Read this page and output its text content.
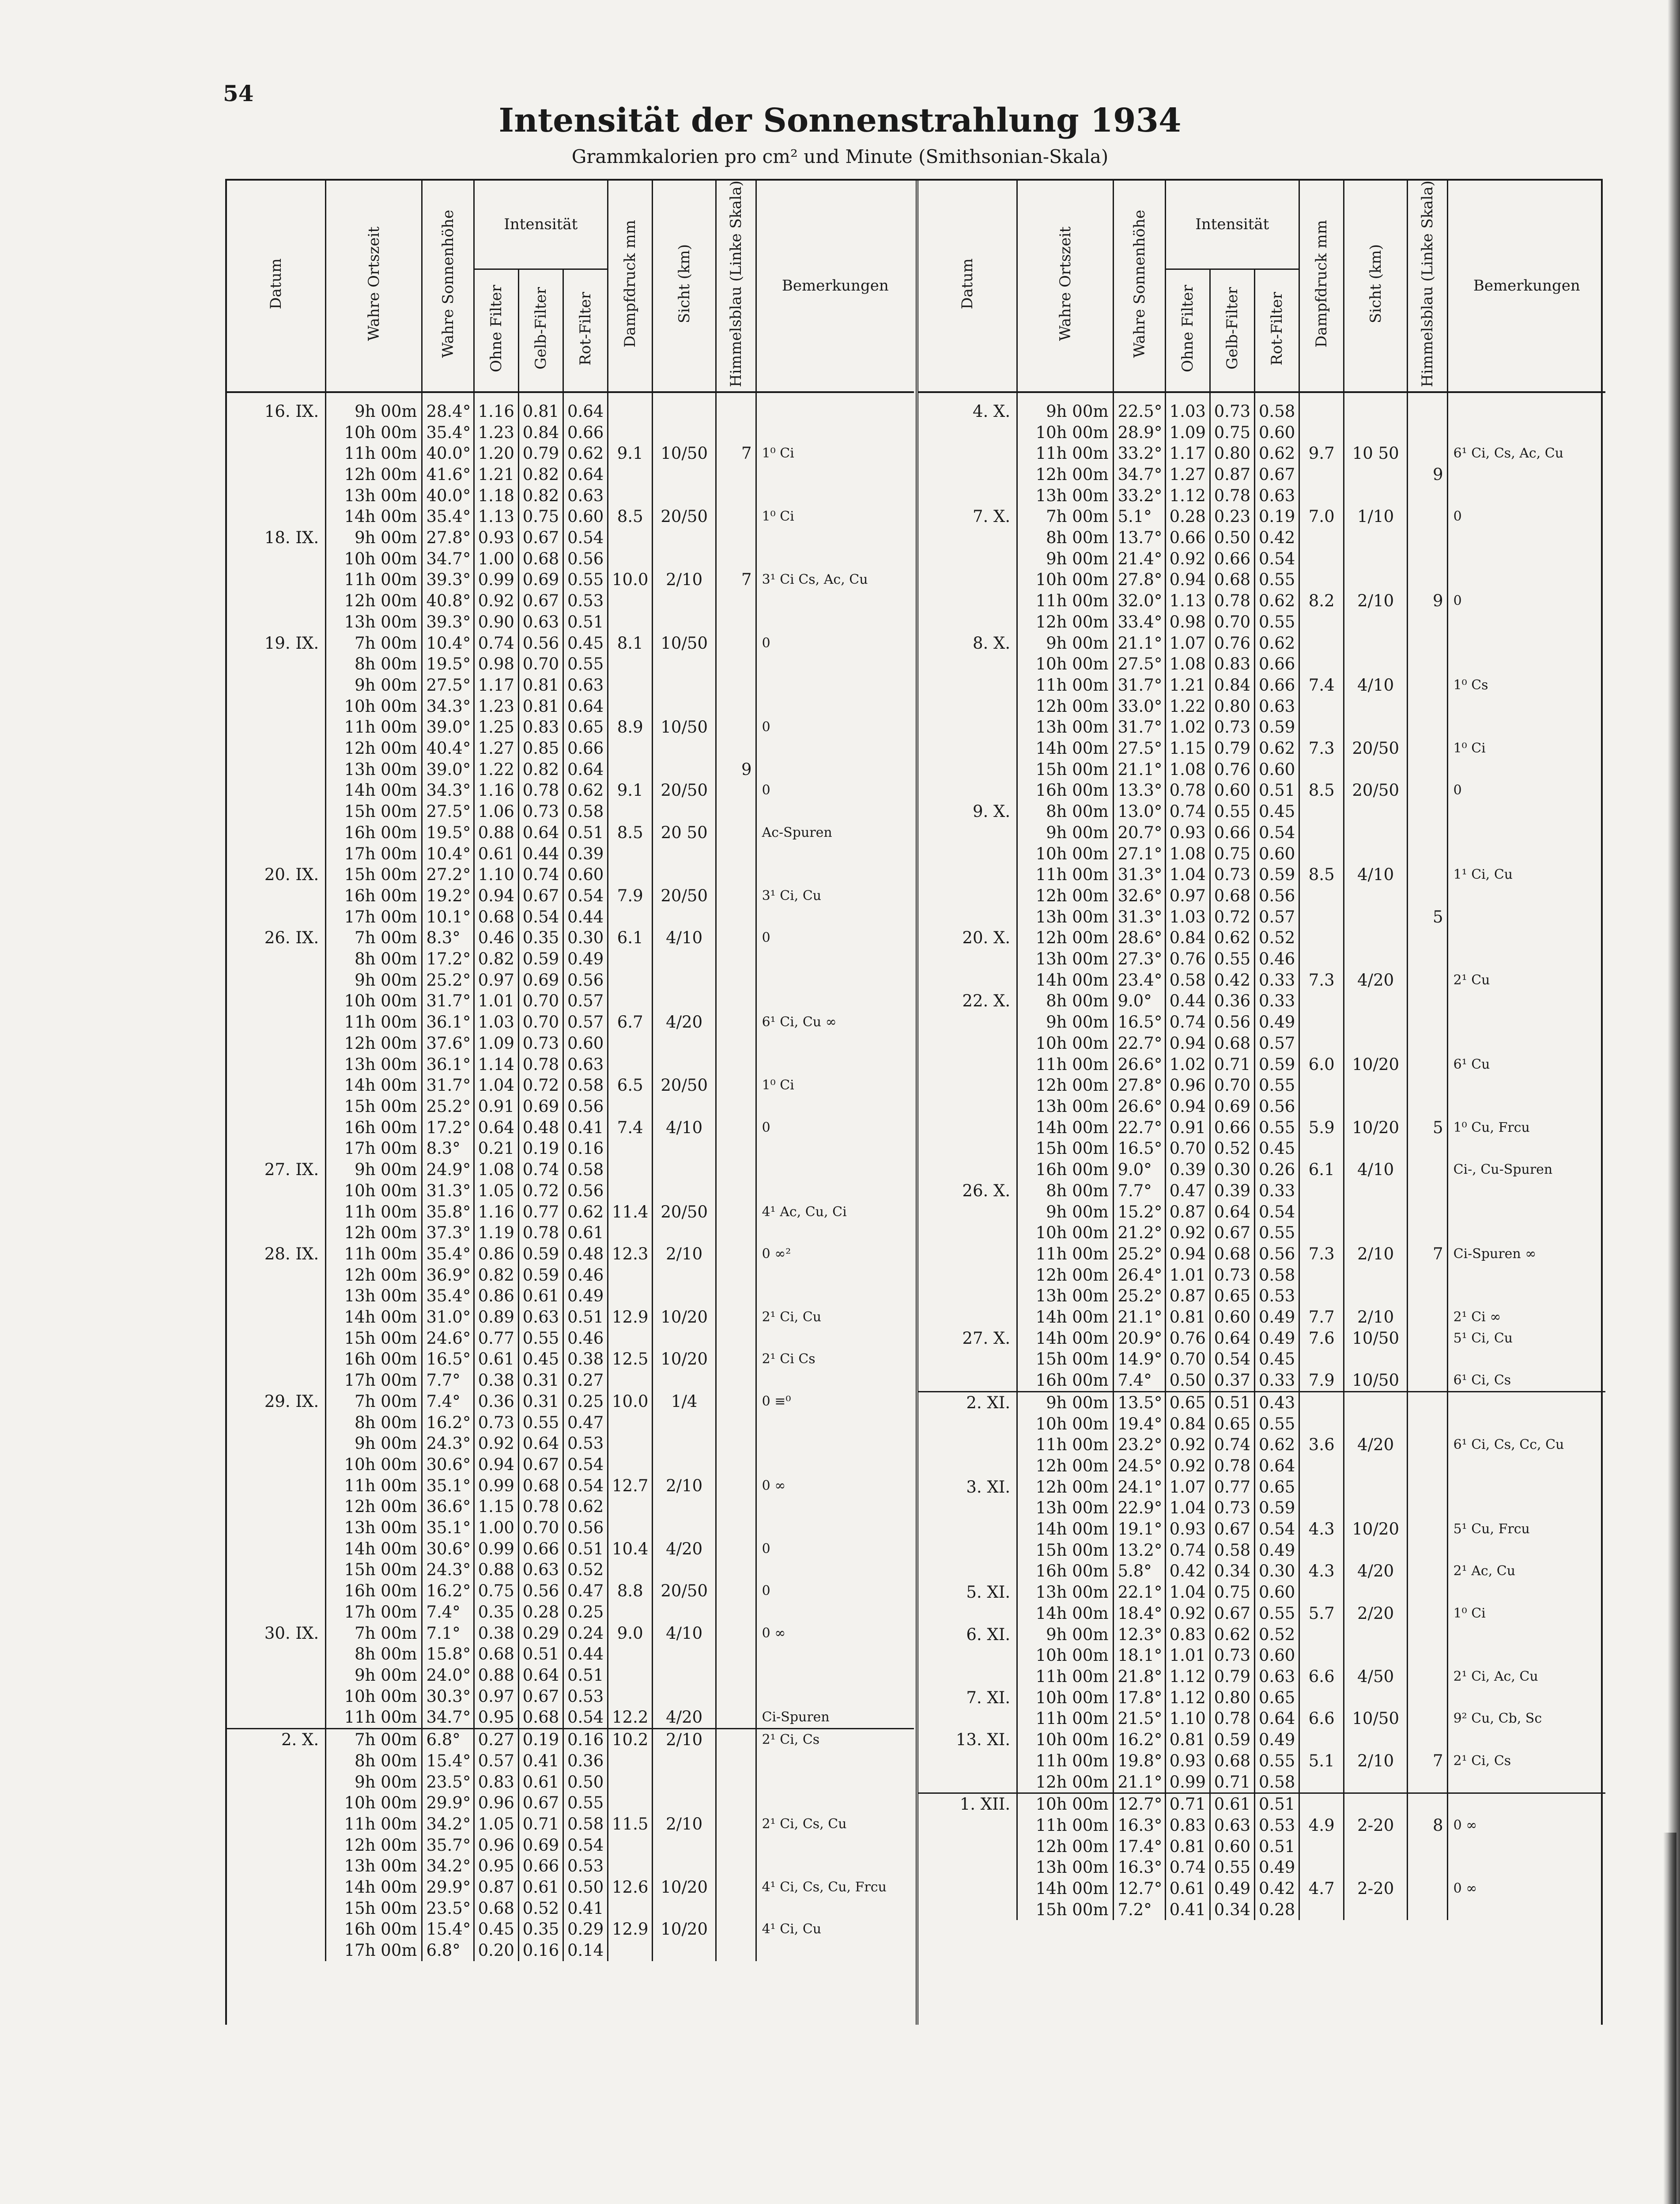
54
Intensität der Sonnenstrahlung 1934
Grammkalorien pro cm² und Minute (Smithsonian-Skala)
Datum	Wahre Ortszeit	Wahre Sonnenhöhe	Intensität			Dampfdruck mm	Sicht (km)	Himmelsblau (Linke Skala)	Bemerkungen
			Ohne Filter	Gelb-Filter	Rot-Filter				
16. IX.	9h 00m	28.4°	1.16	0.81	0.64				
	10h 00m	35.4°	1.23	0.84	0.66				
	11h 00m	40.0°	1.20	0.79	0.62	9.1	10/50	7	1⁰ Ci
	12h 00m	41.6°	1.21	0.82	0.64				
	13h 00m	40.0°	1.18	0.82	0.63				
	14h 00m	35.4°	1.13	0.75	0.60	8.5	20/50		1⁰ Ci
18. IX.	9h 00m	27.8°	0.93	0.67	0.54				
	10h 00m	34.7°	1.00	0.68	0.56				
	11h 00m	39.3°	0.99	0.69	0.55	10.0	2/10	7	3¹ Ci Cs, Ac, Cu
	12h 00m	40.8°	0.92	0.67	0.53				
	13h 00m	39.3°	0.90	0.63	0.51				
19. IX.	7h 00m	10.4°	0.74	0.56	0.45	8.1	10/50		0
	8h 00m	19.5°	0.98	0.70	0.55				
	9h 00m	27.5°	1.17	0.81	0.63				
	10h 00m	34.3°	1.23	0.81	0.64				
	11h 00m	39.0°	1.25	0.83	0.65	8.9	10/50		0
	12h 00m	40.4°	1.27	0.85	0.66				
	13h 00m	39.0°	1.22	0.82	0.64			9	
	14h 00m	34.3°	1.16	0.78	0.62	9.1	20/50		0
	15h 00m	27.5°	1.06	0.73	0.58				
	16h 00m	19.5°	0.88	0.64	0.51	8.5	20 50		Ac-Spuren
	17h 00m	10.4°	0.61	0.44	0.39				
20. IX.	15h 00m	27.2°	1.10	0.74	0.60				
	16h 00m	19.2°	0.94	0.67	0.54	7.9	20/50		3¹ Ci, Cu
	17h 00m	10.1°	0.68	0.54	0.44				
26. IX.	7h 00m	8.3°	0.46	0.35	0.30	6.1	4/10		0
	8h 00m	17.2°	0.82	0.59	0.49				
	9h 00m	25.2°	0.97	0.69	0.56				
	10h 00m	31.7°	1.01	0.70	0.57				
	11h 00m	36.1°	1.03	0.70	0.57	6.7	4/20		6¹ Ci, Cu ∞
	12h 00m	37.6°	1.09	0.73	0.60				
	13h 00m	36.1°	1.14	0.78	0.63				
	14h 00m	31.7°	1.04	0.72	0.58	6.5	20/50		1⁰ Ci
	15h 00m	25.2°	0.91	0.69	0.56				
	16h 00m	17.2°	0.64	0.48	0.41	7.4	4/10		0
	17h 00m	8.3°	0.21	0.19	0.16				
27. IX.	9h 00m	24.9°	1.08	0.74	0.58				
	10h 00m	31.3°	1.05	0.72	0.56				
	11h 00m	35.8°	1.16	0.77	0.62	11.4	20/50		4¹ Ac, Cu, Ci
	12h 00m	37.3°	1.19	0.78	0.61				
28. IX.	11h 00m	35.4°	0.86	0.59	0.48	12.3	2/10		0 ∞²
	12h 00m	36.9°	0.82	0.59	0.46				
	13h 00m	35.4°	0.86	0.61	0.49				
	14h 00m	31.0°	0.89	0.63	0.51	12.9	10/20		2¹ Ci, Cu
	15h 00m	24.6°	0.77	0.55	0.46				
	16h 00m	16.5°	0.61	0.45	0.38	12.5	10/20		2¹ Ci Cs
	17h 00m	7.7°	0.38	0.31	0.27				
29. IX.	7h 00m	7.4°	0.36	0.31	0.25	10.0	1/4		0 ≡⁰
	8h 00m	16.2°	0.73	0.55	0.47				
	9h 00m	24.3°	0.92	0.64	0.53				
	10h 00m	30.6°	0.94	0.67	0.54				
	11h 00m	35.1°	0.99	0.68	0.54	12.7	2/10		0 ∞
	12h 00m	36.6°	1.15	0.78	0.62				
	13h 00m	35.1°	1.00	0.70	0.56				
	14h 00m	30.6°	0.99	0.66	0.51	10.4	4/20		0
	15h 00m	24.3°	0.88	0.63	0.52				
	16h 00m	16.2°	0.75	0.56	0.47	8.8	20/50		0
	17h 00m	7.4°	0.35	0.28	0.25				
30. IX.	7h 00m	7.1°	0.38	0.29	0.24	9.0	4/10		0 ∞
	8h 00m	15.8°	0.68	0.51	0.44				
	9h 00m	24.0°	0.88	0.64	0.51				
	10h 00m	30.3°	0.97	0.67	0.53				
	11h 00m	34.7°	0.95	0.68	0.54	12.2	4/20		Ci-Spuren
2. X.	7h 00m	6.8°	0.27	0.19	0.16	10.2	2/10		2¹ Ci, Cs
	8h 00m	15.4°	0.57	0.41	0.36				
	9h 00m	23.5°	0.83	0.61	0.50				
	10h 00m	29.9°	0.96	0.67	0.55				
	11h 00m	34.2°	1.05	0.71	0.58	11.5	2/10		2¹ Ci, Cs, Cu
	12h 00m	35.7°	0.96	0.69	0.54				
	13h 00m	34.2°	0.95	0.66	0.53				
	14h 00m	29.9°	0.87	0.61	0.50	12.6	10/20		4¹ Ci, Cs, Cu, Frcu
	15h 00m	23.5°	0.68	0.52	0.41				
	16h 00m	15.4°	0.45	0.35	0.29	12.9	10/20		4¹ Ci, Cu
	17h 00m	6.8°	0.20	0.16	0.14				
Datum	Wahre Ortszeit	Wahre Sonnenhöhe	Intensität			Dampfdruck mm	Sicht (km)	Himmelsblau (Linke Skala)	Bemerkungen
			Ohne Filter	Gelb-Filter	Rot-Filter				
4. X.	9h 00m	22.5°	1.03	0.73	0.58				
	10h 00m	28.9°	1.09	0.75	0.60				
	11h 00m	33.2°	1.17	0.80	0.62	9.7	10 50		6¹ Ci, Cs, Ac, Cu
	12h 00m	34.7°	1.27	0.87	0.67			9	
	13h 00m	33.2°	1.12	0.78	0.63				
7. X.	7h 00m	5.1°	0.28	0.23	0.19	7.0	1/10		0
	8h 00m	13.7°	0.66	0.50	0.42				
	9h 00m	21.4°	0.92	0.66	0.54				
	10h 00m	27.8°	0.94	0.68	0.55				
	11h 00m	32.0°	1.13	0.78	0.62	8.2	2/10	9	0
	12h 00m	33.4°	0.98	0.70	0.55				
8. X.	9h 00m	21.1°	1.07	0.76	0.62				
	10h 00m	27.5°	1.08	0.83	0.66				
	11h 00m	31.7°	1.21	0.84	0.66	7.4	4/10		1⁰ Cs
	12h 00m	33.0°	1.22	0.80	0.63				
	13h 00m	31.7°	1.02	0.73	0.59				
	14h 00m	27.5°	1.15	0.79	0.62	7.3	20/50		1⁰ Ci
	15h 00m	21.1°	1.08	0.76	0.60				
	16h 00m	13.3°	0.78	0.60	0.51	8.5	20/50		0
9. X.	8h 00m	13.0°	0.74	0.55	0.45				
	9h 00m	20.7°	0.93	0.66	0.54				
	10h 00m	27.1°	1.08	0.75	0.60				
	11h 00m	31.3°	1.04	0.73	0.59	8.5	4/10		1¹ Ci, Cu
	12h 00m	32.6°	0.97	0.68	0.56				
	13h 00m	31.3°	1.03	0.72	0.57			5	
20. X.	12h 00m	28.6°	0.84	0.62	0.52				
	13h 00m	27.3°	0.76	0.55	0.46				
	14h 00m	23.4°	0.58	0.42	0.33	7.3	4/20		2¹ Cu
22. X.	8h 00m	9.0°	0.44	0.36	0.33				
	9h 00m	16.5°	0.74	0.56	0.49				
	10h 00m	22.7°	0.94	0.68	0.57				
	11h 00m	26.6°	1.02	0.71	0.59	6.0	10/20		6¹ Cu
	12h 00m	27.8°	0.96	0.70	0.55				
	13h 00m	26.6°	0.94	0.69	0.56				
	14h 00m	22.7°	0.91	0.66	0.55	5.9	10/20	5	1⁰ Cu, Frcu
	15h 00m	16.5°	0.70	0.52	0.45				
	16h 00m	9.0°	0.39	0.30	0.26	6.1	4/10		Ci-, Cu-Spuren
26. X.	8h 00m	7.7°	0.47	0.39	0.33				
	9h 00m	15.2°	0.87	0.64	0.54				
	10h 00m	21.2°	0.92	0.67	0.55				
	11h 00m	25.2°	0.94	0.68	0.56	7.3	2/10	7	Ci-Spuren ∞
	12h 00m	26.4°	1.01	0.73	0.58				
	13h 00m	25.2°	0.87	0.65	0.53				
	14h 00m	21.1°	0.81	0.60	0.49	7.7	2/10		2¹ Ci ∞
27. X.	14h 00m	20.9°	0.76	0.64	0.49	7.6	10/50		5¹ Ci, Cu
	15h 00m	14.9°	0.70	0.54	0.45				
	16h 00m	7.4°	0.50	0.37	0.33	7.9	10/50		6¹ Ci, Cs
2. XI.	9h 00m	13.5°	0.65	0.51	0.43				
	10h 00m	19.4°	0.84	0.65	0.55				
	11h 00m	23.2°	0.92	0.74	0.62	3.6	4/20		6¹ Ci, Cs, Cc, Cu
	12h 00m	24.5°	0.92	0.78	0.64				
3. XI.	12h 00m	24.1°	1.07	0.77	0.65				
	13h 00m	22.9°	1.04	0.73	0.59				
	14h 00m	19.1°	0.93	0.67	0.54	4.3	10/20		5¹ Cu, Frcu
	15h 00m	13.2°	0.74	0.58	0.49				
	16h 00m	5.8°	0.42	0.34	0.30	4.3	4/20		2¹ Ac, Cu
5. XI.	13h 00m	22.1°	1.04	0.75	0.60				
	14h 00m	18.4°	0.92	0.67	0.55	5.7	2/20		1⁰ Ci
6. XI.	9h 00m	12.3°	0.83	0.62	0.52				
	10h 00m	18.1°	1.01	0.73	0.60				
	11h 00m	21.8°	1.12	0.79	0.63	6.6	4/50		2¹ Ci, Ac, Cu
7. XI.	10h 00m	17.8°	1.12	0.80	0.65				
	11h 00m	21.5°	1.10	0.78	0.64	6.6	10/50		9² Cu, Cb, Sc
13. XI.	10h 00m	16.2°	0.81	0.59	0.49				
	11h 00m	19.8°	0.93	0.68	0.55	5.1	2/10	7	2¹ Ci, Cs
	12h 00m	21.1°	0.99	0.71	0.58				
1. XII.	10h 00m	12.7°	0.71	0.61	0.51				
	11h 00m	16.3°	0.83	0.63	0.53	4.9	2-20	8	0 ∞
	12h 00m	17.4°	0.81	0.60	0.51				
	13h 00m	16.3°	0.74	0.55	0.49				
	14h 00m	12.7°	0.61	0.49	0.42	4.7	2-20		0 ∞
	15h 00m	7.2°	0.41	0.34	0.28				
